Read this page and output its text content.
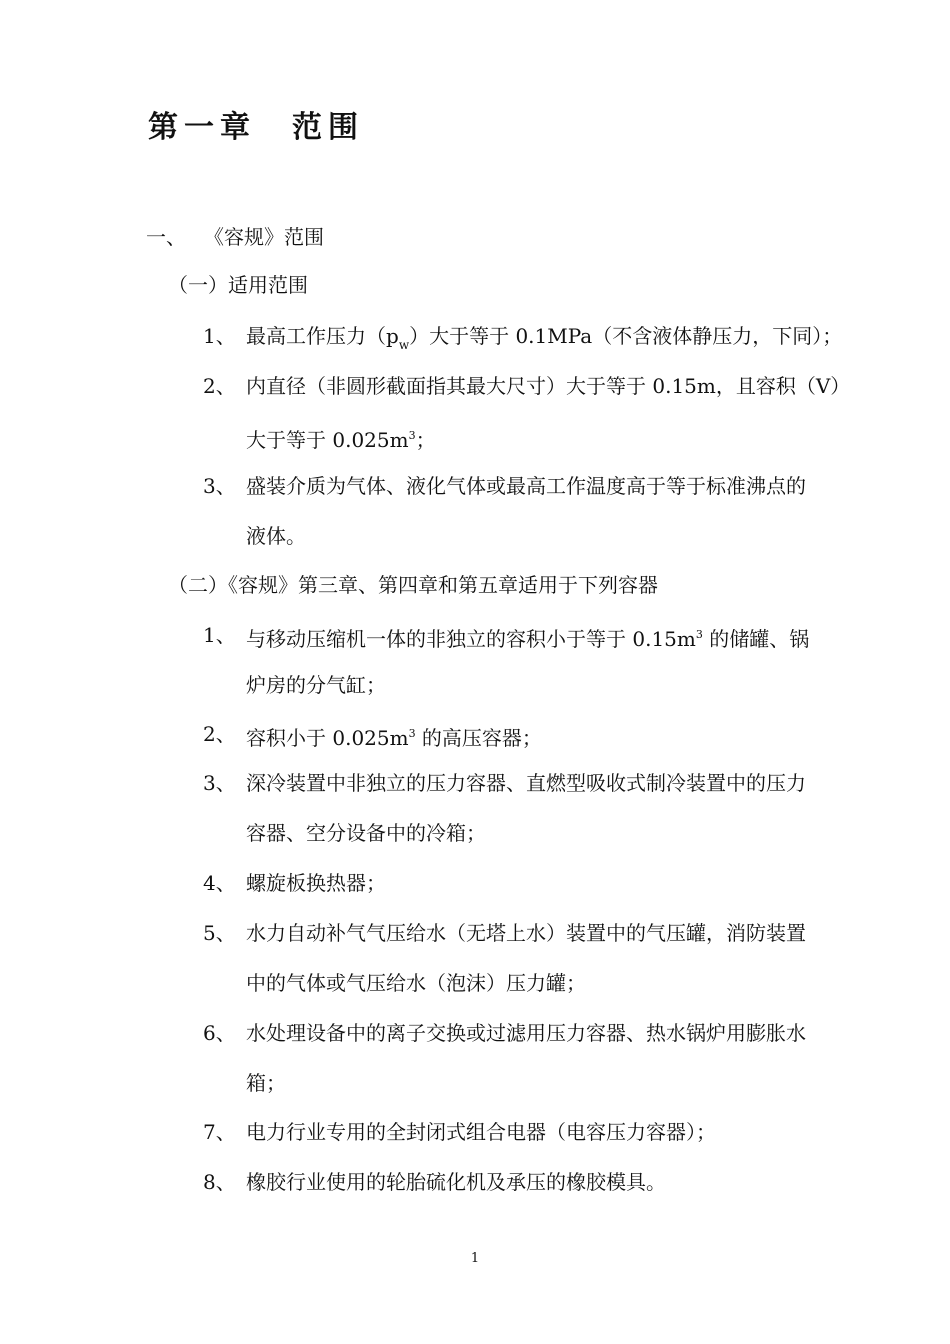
第一章　范围
一、 《容规》范围
（一）适用范围
1、 最高工作压力$(p_w)$大于等于 0.1MPa（不含液体静压力，下同）；
2、 内直径（非圆形截面指其最大尺寸）大于等于 0.15m，且容积（V）
大于等于 $0.025m^3$；
3、 盛装介质为气体、液化气体或最高工作温度高于等于标准沸点的
液体。
（二）《容规》第三章、第四章和第五章适用于下列容器
1、 与移动压缩机一体的非独立的容积小于等于 $0.15m^3$ 的储罐、锅
炉房的分气缸；
2、 容积小于 $0.025m^3$ 的高压容器；
3、 深冷装置中非独立的压力容器、直燃型吸收式制冷装置中的压力
容器、空分设备中的冷箱；
4、 螺旋板换热器；
5、 水力自动补气气压给水（无塔上水）装置中的气压罐，消防装置
中的气体或气压给水（泡沫）压力罐；
6、 水处理设备中的离子交换或过滤用压力容器、热水锅炉用膨胀水
箱；
7、 电力行业专用的全封闭式组合电器（电容压力容器）；
8、 橡胶行业使用的轮胎硫化机及承压的橡胶模具。
1
